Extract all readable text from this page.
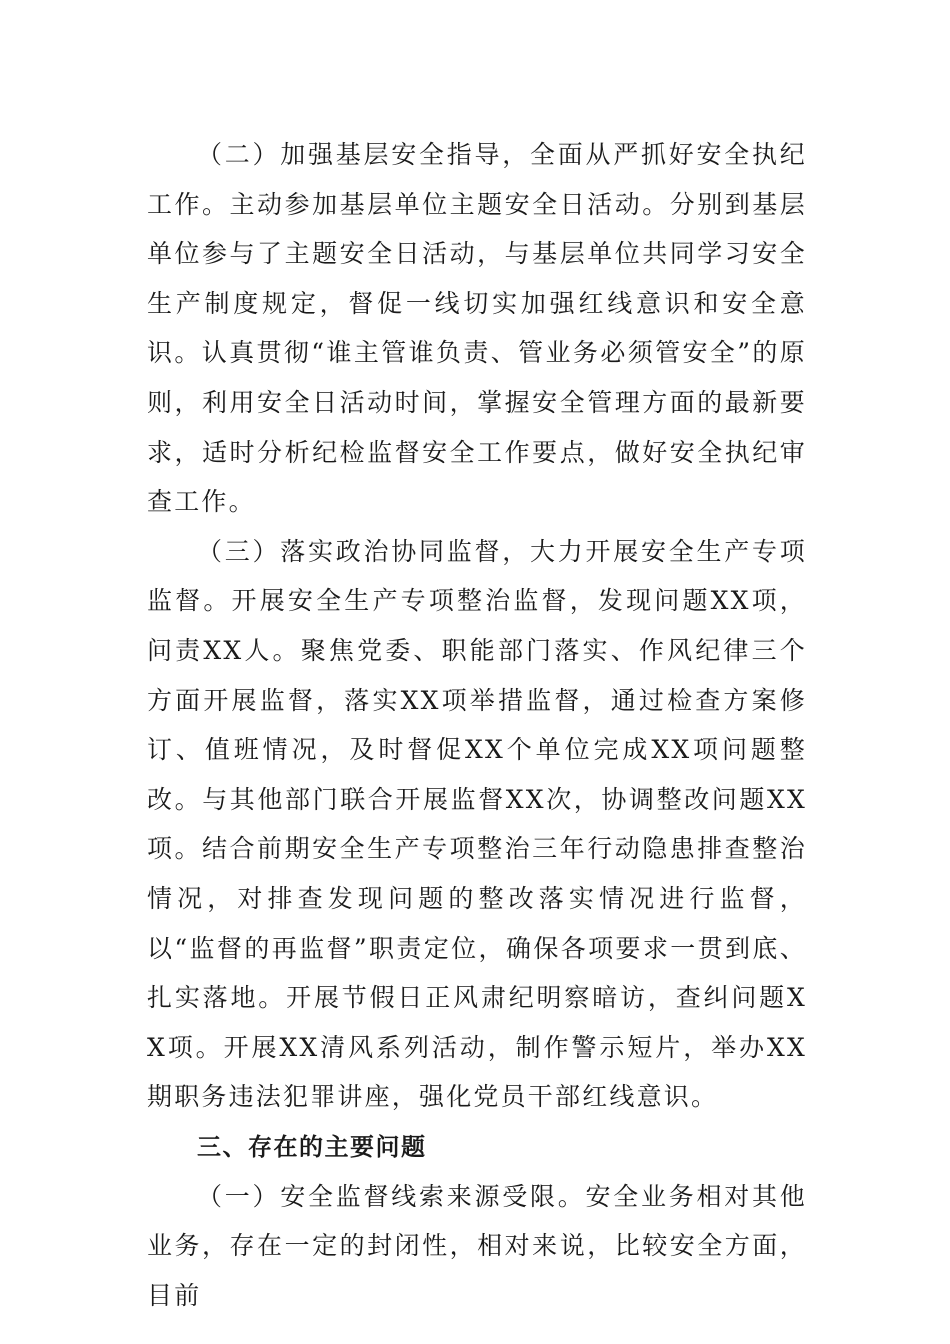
（二）加强基层安全指导，全面从严抓好安全执纪工作。主动参加基层单位主题安全日活动。分别到基层单位参与了主题安全日活动，与基层单位共同学习安全生产制度规定，督促一线切实加强红线意识和安全意识。认真贯彻“谁主管谁负责、管业务必须管安全”的原则，利用安全日活动时间，掌握安全管理方面的最新要求，适时分析纪检监督安全工作要点，做好安全执纪审查工作。

（三）落实政治协同监督，大力开展安全生产专项监督。开展安全生产专项整治监督，发现问题XX项，问责XX人。聚焦党委、职能部门落实、作风纪律三个方面开展监督，落实XX项举措监督，通过检查方案修订、值班情况，及时督促XX个单位完成XX项问题整改。与其他部门联合开展监督XX次，协调整改问题XX项。结合前期安全生产专项整治三年行动隐患排查整治情况，对排查发现问题的整改落实情况进行监督，以“监督的再监督”职责定位，确保各项要求一贯到底、扎实落地。开展节假日正风肃纪明察暗访，查纠问题XX项。开展XX清风系列活动，制作警示短片，举办XX期职务违法犯罪讲座，强化党员干部红线意识。

三、存在的主要问题

（一）安全监督线索来源受限。安全业务相对其他业务，存在一定的封闭性，相对来说，比较安全方面，目前
